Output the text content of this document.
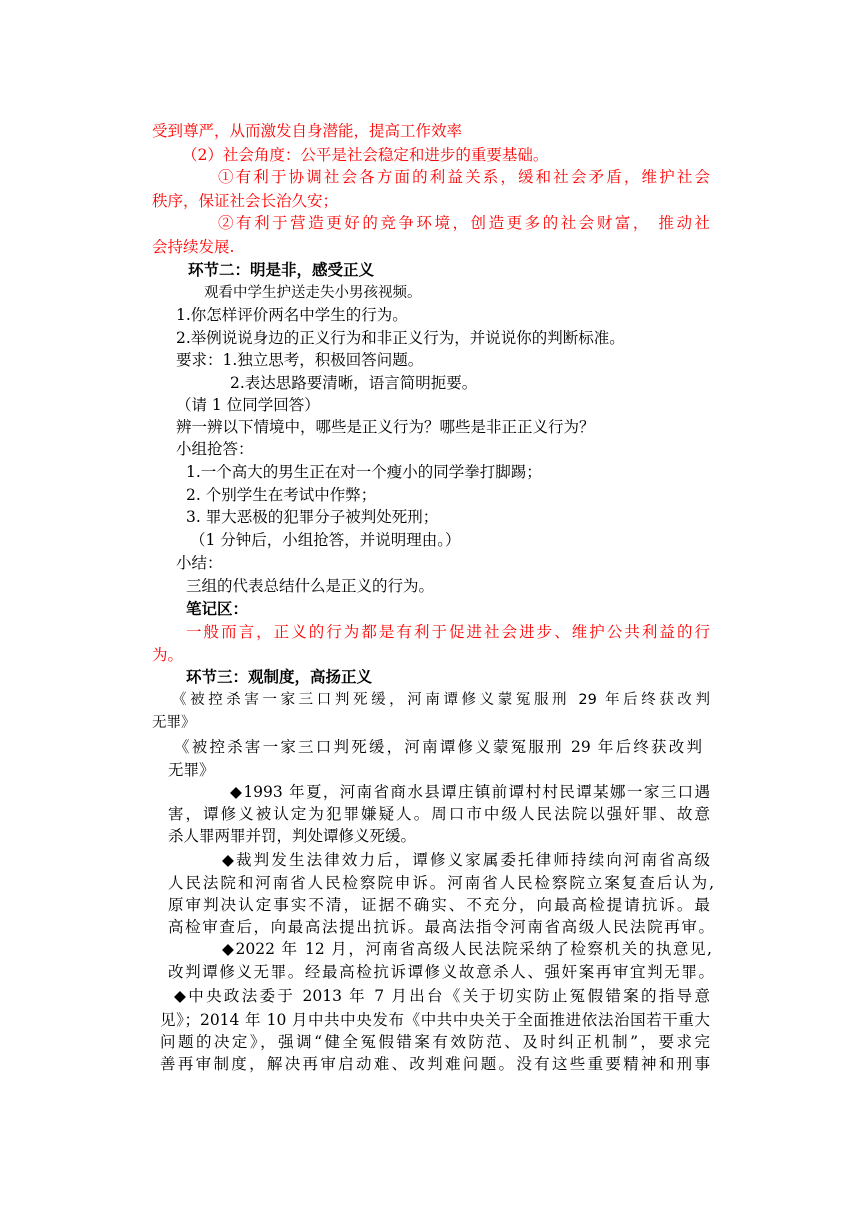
受到尊严，从而激发自身潜能，提高工作效率
（2）社会角度：公平是社会稳定和进步的重要基础。
①有利于协调社会各方面的利益关系，缓和社会矛盾，维护社会
秩序，保证社会长治久安；
②有利于营造更好的竞争环境，创造更多的社会财富， 推动社
会持续发展.
环节二：明是非，感受正义
观看中学生护送走失小男孩视频。
1.你怎样评价两名中学生的行为。
2.举例说说身边的正义行为和非正义行为，并说说你的判断标准。
要求：1.独立思考，积极回答问题。
2.表达思路要清晰，语言简明扼要。
（请 1 位同学回答）
辨一辨以下情境中，哪些是正义行为？哪些是非正正义行为？
小组抢答：
1.一个高大的男生正在对一个瘦小的同学拳打脚踢；
2. 个别学生在考试中作弊；
3. 罪大恶极的犯罪分子被判处死刑；
（1 分钟后，小组抢答，并说明理由。）
小结：
三组的代表总结什么是正义的行为。
笔记区：
一般而言，正义的行为都是有利于促进社会进步、维护公共利益的行
为。
环节三：观制度，高扬正义
《被控杀害一家三口判死缓，河南谭修义蒙冤服刑 29 年后终获改判
无罪》
《被控杀害一家三口判死缓，河南谭修义蒙冤服刑 29 年后终获改判
无罪》
◆1993 年夏，河南省商水县谭庄镇前谭村村民谭某娜一家三口遇
害，谭修义被认定为犯罪嫌疑人。周口市中级人民法院以强奸罪、故意
杀人罪两罪并罚，判处谭修义死缓。
◆裁判发生法律效力后，谭修义家属委托律师持续向河南省高级
人民法院和河南省人民检察院申诉。河南省人民检察院立案复查后认为,
原审判决认定事实不清，证据不确实、不充分，向最高检提请抗诉。最
高检审查后，向最高法提出抗诉。最高法指令河南省高级人民法院再审。
◆2022 年 12 月，河南省高级人民法院采纳了检察机关的执意见,
改判谭修义无罪。经最高检抗诉谭修义故意杀人、强奸案再审宜判无罪。
◆中央政法委于 2013 年 7 月出台《关于切实防止冤假错案的指导意
见》；2014 年 10 月中共中央发布《中共中央关于全面推进依法治国若干重大
问题的决定》，强调“健全冤假错案有效防范、及时纠正机制”，要求完
善再审制度，解决再审启动难、改判难问题。没有这些重要精神和刑事
